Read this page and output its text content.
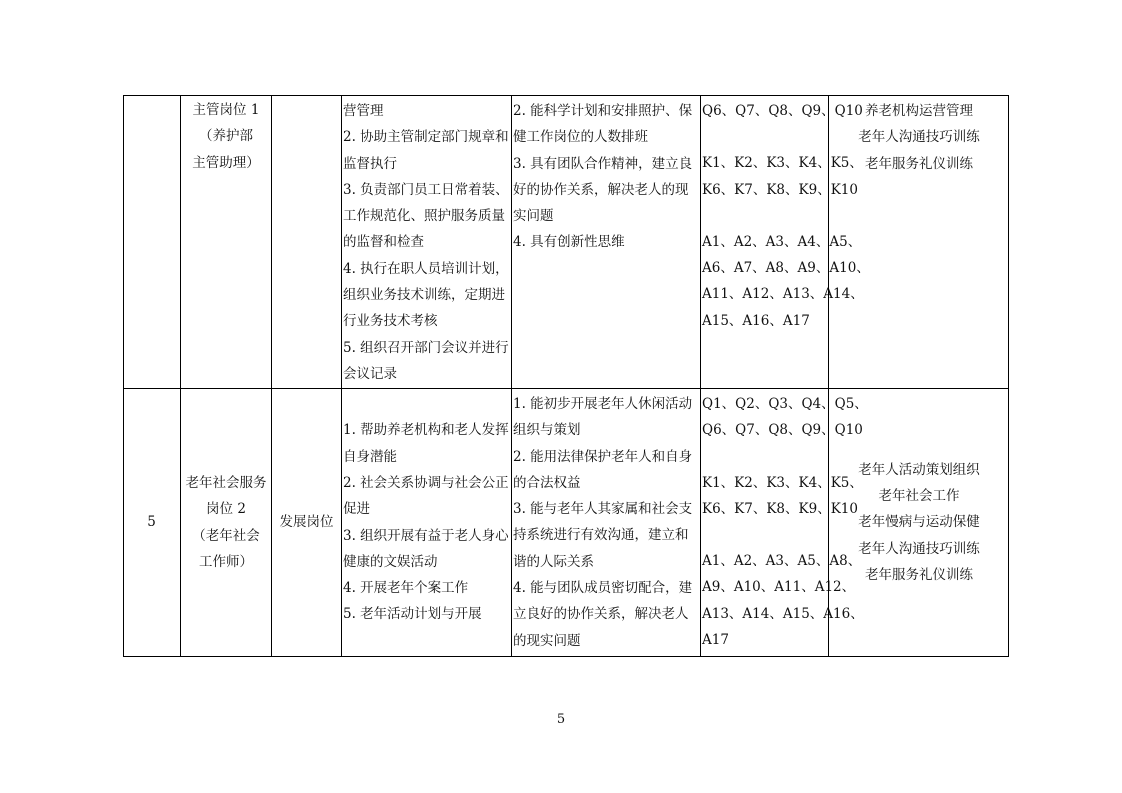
主管岗位 1
（养护部
主管助理）
营管理
2. 协助主管制定部门规章和
监督执行
3. 负责部门员工日常着装、
工作规范化、照护服务质量
的监督和检查
4. 执行在职人员培训计划，
组织业务技术训练，定期进
行业务技术考核
5. 组织召开部门会议并进行
会议记录
2. 能科学计划和安排照护、保
健工作岗位的人数排班
3. 具有团队合作精神，建立良
好的协作关系，解决老人的现
实问题
4. 具有创新性思维
Q6、Q7、Q8、Q9、Q10
K1、K2、K3、K4、K5、
K6、K7、K8、K9、K10
A1、A2、A3、A4、A5、
A6、A7、A8、A9、A10、
A11、A12、A13、A14、
A15、A16、A17
养老机构运营管理
老年人沟通技巧训练
老年服务礼仪训练
5
老年社会服务
岗位 2
（老年社会
工作师）
发展岗位
1. 帮助养老机构和老人发挥
自身潜能
2. 社会关系协调与社会公正
促进
3. 组织开展有益于老人身心
健康的文娱活动
4. 开展老年个案工作
5. 老年活动计划与开展
1. 能初步开展老年人休闲活动
组织与策划
2. 能用法律保护老年人和自身
的合法权益
3. 能与老年人其家属和社会支
持系统进行有效沟通，建立和
谐的人际关系
4. 能与团队成员密切配合，建
立良好的协作关系，解决老人
的现实问题
Q1、Q2、Q3、Q4、Q5、
Q6、Q7、Q8、Q9、Q10
K1、K2、K3、K4、K5、
K6、K7、K8、K9、K10
A1、A2、A3、A5、A8、
A9、A10、A11、A12、
A13、A14、A15、A16、
A17
老年人活动策划组织
老年社会工作
老年慢病与运动保健
老年人沟通技巧训练
老年服务礼仪训练
5
